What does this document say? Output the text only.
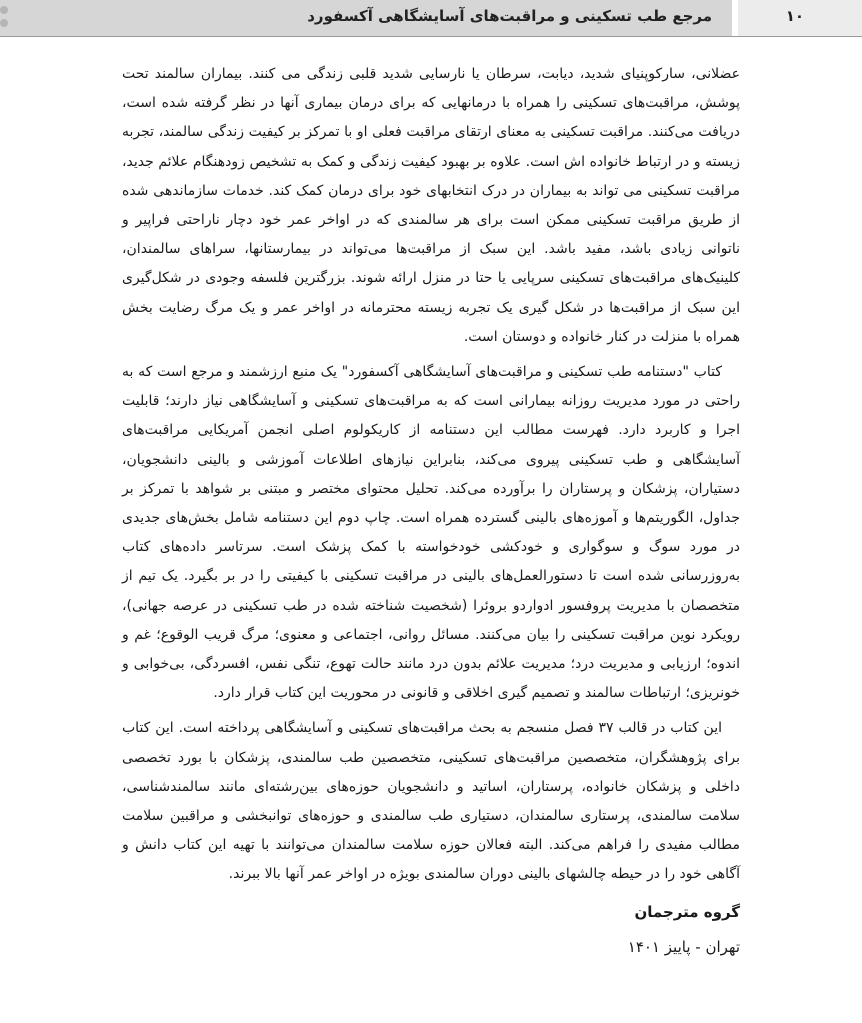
مرجع طب تسکینی و مراقبت‌های آسایشگاهی آکسفورد	۱۰

عضلانی، سارکوپنیای شدید، دیابت، سرطان یا نارسایی شدید قلبی زندگی می کنند. بیماران سالمند تحت پوشش، مراقبت‌های تسکینی را همراه با درمانهایی که برای درمان بیماری آنها در نظر گرفته شده است، دریافت می‌کنند. مراقبت تسکینی به معنای ارتقای مراقبت فعلی او با تمرکز بر کیفیت زندگی سالمند، تجربه زیسته و در ارتباط خانواده اش است. علاوه بر بهبود کیفیت زندگی و کمک به تشخیص زودهنگام علائم جدید، مراقبت تسکینی می تواند به بیماران در درک انتخابهای خود برای درمان کمک کند. خدمات سازماندهی شده از طریق مراقبت تسکینی ممکن است برای هر سالمندی که در اواخر عمر خود دچار ناراحتی فراپیر و ناتوانی زیادی باشد، مفید باشد. این سبک از مراقبت‌ها می‌تواند در بیمارستانها، سراهای سالمندان، کلینیک‌های مراقبت‌های تسکینی سرپایی یا حتا در منزل ارائه شوند. بزرگترین فلسفه وجودی در شکل‌گیری این سبک از مراقبت‌ها در شکل گیری یک تجربه زیسته محترمانه در اواخر عمر و یک مرگ رضایت بخش همراه با منزلت در کنار خانواده و دوستان است.

کتاب "دستنامه طب تسکینی و مراقبت‌های آسایشگاهی آکسفورد" یک منبع ارزشمند و مرجع است که به راحتی در مورد مدیریت روزانه بیمارانی است که به مراقبت‌های تسکینی و آسایشگاهی نیاز دارند؛ قابلیت اجرا و کاربرد دارد. فهرست مطالب این دستنامه از کاریکولوم اصلی انجمن آمریکایی مراقبت‌های آسایشگاهی و طب تسکینی پیروی می‌کند، بنابراین نیازهای اطلاعات آموزشی و بالینی دانشجویان، دستیاران، پزشکان و پرستاران را برآورده می‌کند. تحلیل محتوای مختصر و مبتنی بر شواهد با تمرکز بر جداول، الگوریتم‌ها و آموزه‌های بالینی گسترده همراه است. چاپ دوم این دستنامه شامل بخش‌های جدیدی در مورد سوگ و سوگواری و خودکشی خودخواسته با کمک پزشک است. سرتاسر داده‌های کتاب به‌روزرسانی شده است تا دستورالعمل‌های بالینی در مراقبت تسکینی با کیفیتی را در بر بگیرد. یک تیم از متخصصان با مدیریت پروفسور ادواردو بروئرا (شخصیت شناخته شده در طب تسکینی در عرصه جهانی)، رویکرد نوین مراقبت تسکینی را بیان می‌کنند. مسائل روانی، اجتماعی و معنوی؛ مرگ قریب الوقوع؛ غم و اندوه؛ ارزیابی و مدیریت درد؛ مدیریت علائم بدون درد مانند حالت تهوع، تنگی نفس، افسردگی، بی‌خوابی و خونریزی؛ ارتباطات سالمند و تصمیم گیری اخلاقی و قانونی در محوریت این کتاب قرار دارد.

این کتاب در قالب ۳۷ فصل منسجم به بحث مراقبت‌های تسکینی و آسایشگاهی پرداخته است. این کتاب برای پژوهشگران، متخصصین مراقبت‌های تسکینی، متخصصین طب سالمندی، پزشکان با بورد تخصصی داخلی و پزشکان خانواده، پرستاران، اساتید و دانشجویان حوزه‌های بین‌رشته‌ای مانند سالمندشناسی، سلامت سالمندی، پرستاری سالمندان، دستیاری طب سالمندی و حوزه‌های توانبخشی و مراقبین سلامت مطالب مفیدی را فراهم می‌کند. البته فعالان حوزه سلامت سالمندان می‌توانند با تهیه این کتاب دانش و آگاهی خود را در حیطه چالشهای بالینی دوران سالمندی بویژه در اواخر عمر آنها بالا ببرند.

گروه مترجمان
تهران - پاییز ۱۴۰۱
